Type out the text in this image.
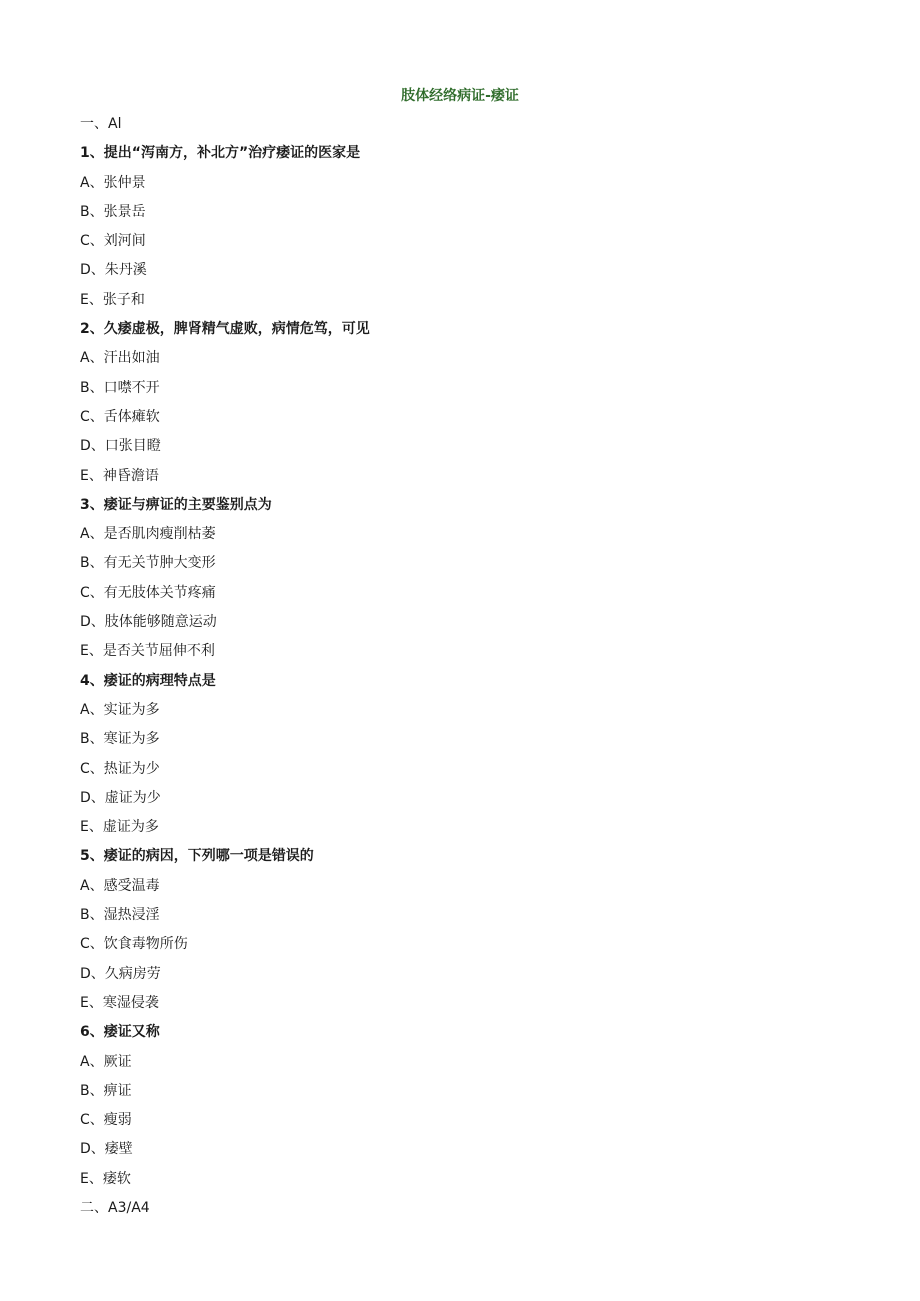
肢体经络病证-痿证
一、Al
1、提出“泻南方，补北方”治疗痿证的医家是
A、张仲景
B、张景岳
C、刘河间
D、朱丹溪
E、张子和
2、久痿虚极，脾肾精气虚败，病情危笃，可见
A、汗出如油
B、口噤不开
C、舌体瘫软
D、口张目瞪
E、神昏澹语
3、痿证与痹证的主要鉴别点为
A、是否肌肉瘦削枯萎
B、有无关节肿大变形
C、有无肢体关节疼痛
D、肢体能够随意运动
E、是否关节屈伸不利
4、痿证的病理特点是
A、实证为多
B、寒证为多
C、热证为少
D、虚证为少
E、虚证为多
5、痿证的病因，下列哪一项是错误的
A、感受温毒
B、湿热浸淫
C、饮食毒物所伤
D、久病房劳
E、寒湿侵袭
6、痿证又称
A、厥证
B、痹证
C、瘦弱
D、痿壁
E、痿软
二、A3/A4
